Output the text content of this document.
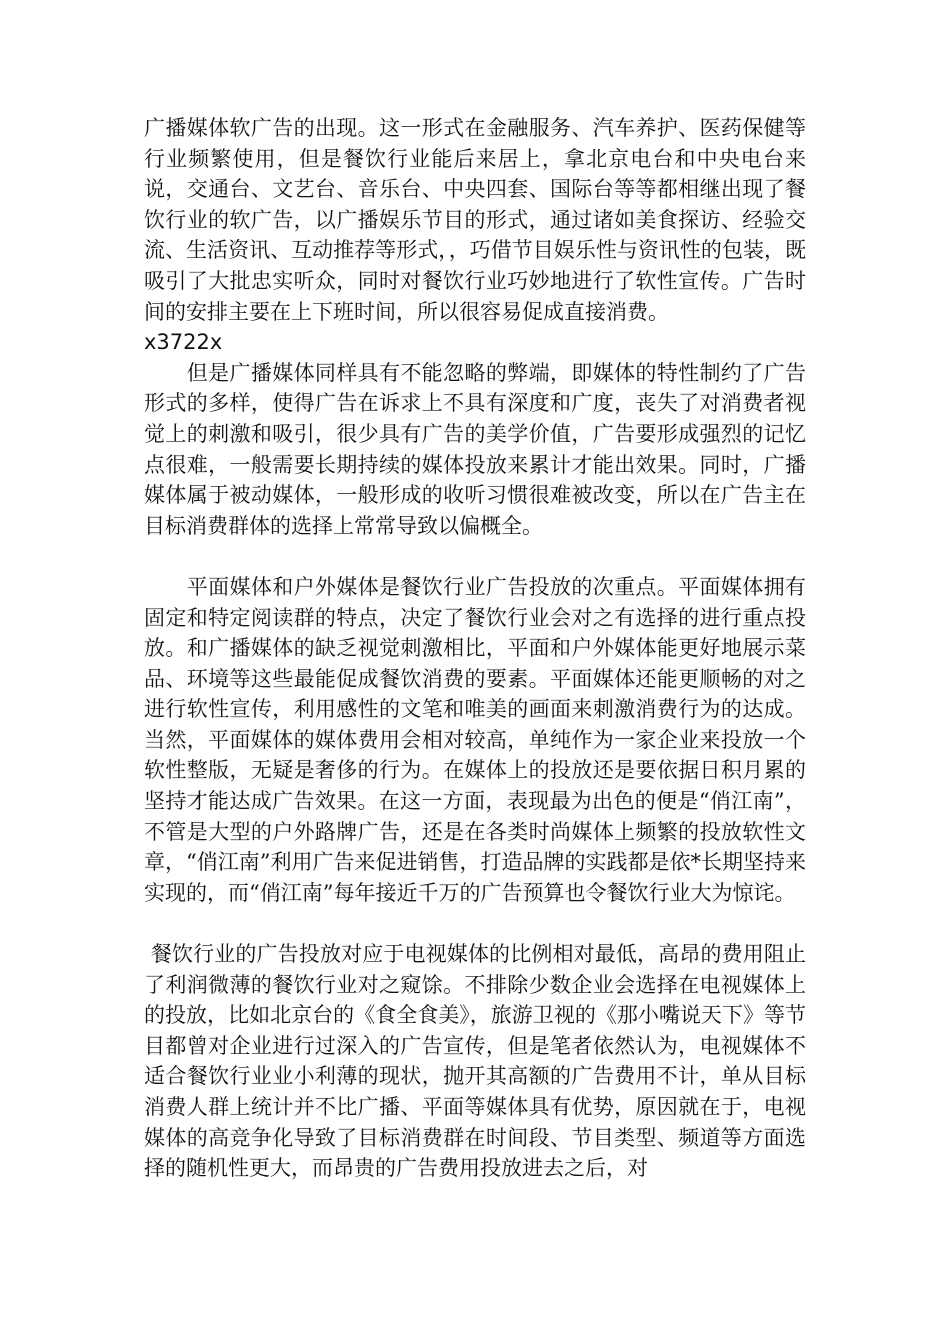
广播媒体软广告的出现。这一形式在金融服务、汽车养护、医药保健等行业频繁使用，但是餐饮行业能后来居上，拿北京电台和中央电台来说，交通台、文艺台、音乐台、中央四套、国际台等等都相继出现了餐饮行业的软广告，以广播娱乐节目的形式，通过诸如美食探访、经验交流、生活资讯、互动推荐等形式，，巧借节目娱乐性与资讯性的包装，既吸引了大批忠实听众，同时对餐饮行业巧妙地进行了软性宣传。广告时间的安排主要在上下班时间，所以很容易促成直接消费。

x3722x

　　但是广播媒体同样具有不能忽略的弊端，即媒体的特性制约了广告形式的多样，使得广告在诉求上不具有深度和广度，丧失了对消费者视觉上的刺激和吸引，很少具有广告的美学价值，广告要形成强烈的记忆点很难，一般需要长期持续的媒体投放来累计才能出效果。同时，广播媒体属于被动媒体，一般形成的收听习惯很难被改变，所以在广告主在目标消费群体的选择上常常导致以偏概全。

　　平面媒体和户外媒体是餐饮行业广告投放的次重点。平面媒体拥有固定和特定阅读群的特点，决定了餐饮行业会对之有选择的进行重点投放。和广播媒体的缺乏视觉刺激相比，平面和户外媒体能更好地展示菜品、环境等这些最能促成餐饮消费的要素。平面媒体还能更顺畅的对之进行软性宣传，利用感性的文笔和唯美的画面来刺激消费行为的达成。当然，平面媒体的媒体费用会相对较高，单纯作为一家企业来投放一个软性整版，无疑是奢侈的行为。在媒体上的投放还是要依据日积月累的坚持才能达成广告效果。在这一方面，表现最为出色的便是“俏江南”，不管是大型的户外路牌广告，还是在各类时尚媒体上频繁的投放软性文章，“俏江南”利用广告来促进销售，打造品牌的实践都是依*长期坚持来实现的，而“俏江南”每年接近千万的广告预算也令餐饮行业大为惊诧。

餐饮行业的广告投放对应于电视媒体的比例相对最低，高昂的费用阻止了利润微薄的餐饮行业对之窥馀。不排除少数企业会选择在电视媒体上的投放，比如北京台的《食全食美》，旅游卫视的《那小嘴说天下》等节目都曾对企业进行过深入的广告宣传，但是笔者依然认为，电视媒体不适合餐饮行业业小利薄的现状，抛开其高额的广告费用不计，单从目标消费人群上统计并不比广播、平面等媒体具有优势，原因就在于，电视媒体的高竞争化导致了目标消费群在时间段、节目类型、频道等方面选择的随机性更大，而昂贵的广告费用投放进去之后，对
